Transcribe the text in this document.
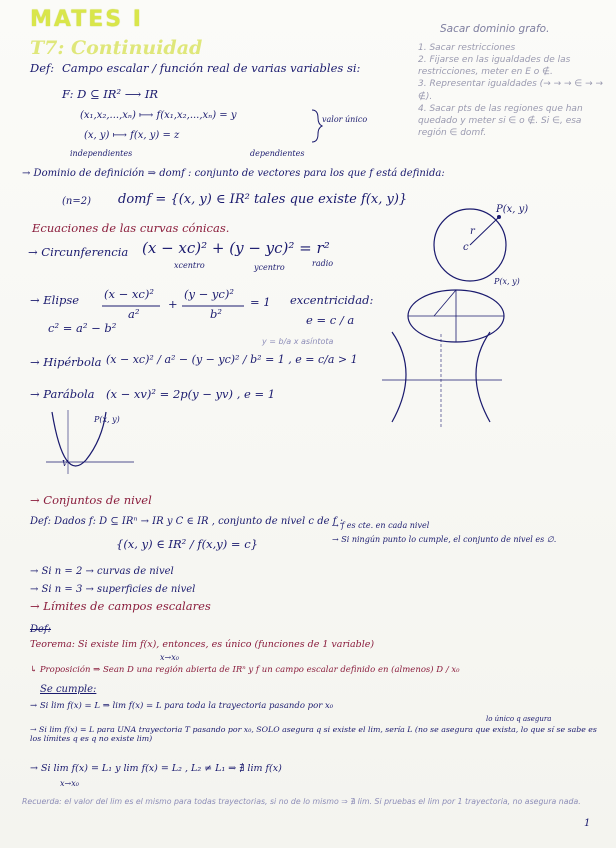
MATES I
T7: Continuidad
Sacar dominio grafo.
1. Sacar restricciones
2. Fijarse en las igualdades de las restricciones, meter en E o ∉.
3. Representar igualdades (→ → → ∈ → → ∉).
4. Sacar pts de las regiones que han quedado y meter si ∈ o ∉. Si ∈, esa región ∈ domf.
Def: Campo escalar / función real de varias variables si:
F: D ⊆ IR² ⟶ IR
(x₁,x₂,...,xₙ) ⟼ f(x₁,x₂,...,xₙ) = y
(x, y) ⟼ f(x, y) = z
valor único
independientes	dependientes
→ Dominio de definición ⇒ domf : conjunto de vectores para los que f está definida:
(n=2) domf = {(x, y) ∈ IR² tales que existe f(x, y)}
Ecuaciones de las curvas cónicas.
→ Circunferencia (x − xc)² + (y − yc)² = r²
xcentro	ycentro	radio
P(x, y)
r
c
→ Elipse (x − xc)²
a²
+
(y − yc)²
b²
= 1 excentricidad:
e = c / a
c² = a² − b²
P(x, y)
→ Hipérbola (x − xc)² / a² − (y − yc)² / b² = 1 , e = c/a > 1
y = b/a x asíntota
→ Parábola (x − xv)² = 2p(y − yv) , e = 1
P(x, y)
V
→ Conjuntos de nivel
Def: Dados f: D ⊆ IRⁿ → IR y C ∈ IR , conjunto de nivel c de f :
{(x, y) ∈ IR² / f(x,y) = c}
→ f es cte. en cada nivel
→ Si ningún punto lo cumple, el conjunto de nivel es ∅.
→ Si n = 2 → curvas de nivel
→ Si n = 3 → superficies de nivel
→ Límites de campos escalares
Def:
Teorema: Si existe lim f(x), entonces, es único (funciones de 1 variable)
x→x₀
↳ Proposición ⇒ Sean D una región abierta de IRⁿ y f un campo escalar definido en (almenos) D / x₀
Se cumple:
→ Si lim f(x) = L ⇒ lim f(x) = L para toda la trayectoria pasando por x₀
→ Si lim f(x) = L para UNA trayectoria T pasando por x₀, SOLO asegura q si existe el lim, sería L (no se asegura que exista, lo que sí se sabe es los límites q es q no existe lim)
lo único q asegura
→ Si lim f(x) = L₁ y lim f(x) = L₂ , L₂ ≠ L₁ ⇒ ∄ lim f(x)
x→x₀
Recuerda: el valor del lim es el mismo para todas trayectorias, si no de lo mismo ⇒ ∄ lim. Si pruebas el lim por 1 trayectoria, no asegura nada.
1
